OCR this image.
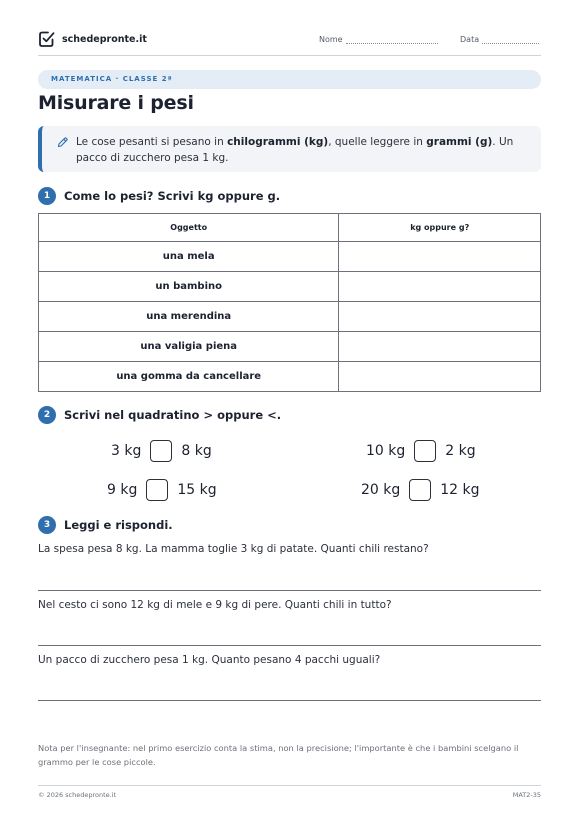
schedepronte.it	Nome	Data
MATEMATICA · CLASSE 2ª
Misurare i pesi
Le cose pesanti si pesano in chilogrammi (kg), quelle leggere in grammi (g). Un pacco di zucchero pesa 1 kg.
1	Come lo pesi? Scrivi kg oppure g.
Oggetto	kg oppure g?
una mela	
un bambino	
una merendina	
una valigia piena	
una gomma da cancellare	
2	Scrivi nel quadratino > oppure <.
3 kg	8 kg	10 kg	2 kg
9 kg	15 kg	20 kg	12 kg
3	Leggi e rispondi.
La spesa pesa 8 kg. La mamma toglie 3 kg di patate. Quanti chili restano?
Nel cesto ci sono 12 kg di mele e 9 kg di pere. Quanti chili in tutto?
Un pacco di zucchero pesa 1 kg. Quanto pesano 4 pacchi uguali?
Nota per l'insegnante: nel primo esercizio conta la stima, non la precisione; l'importante è che i bambini scelgano il grammo per le cose piccole.
© 2026 schedepronte.it	MAT2-35
